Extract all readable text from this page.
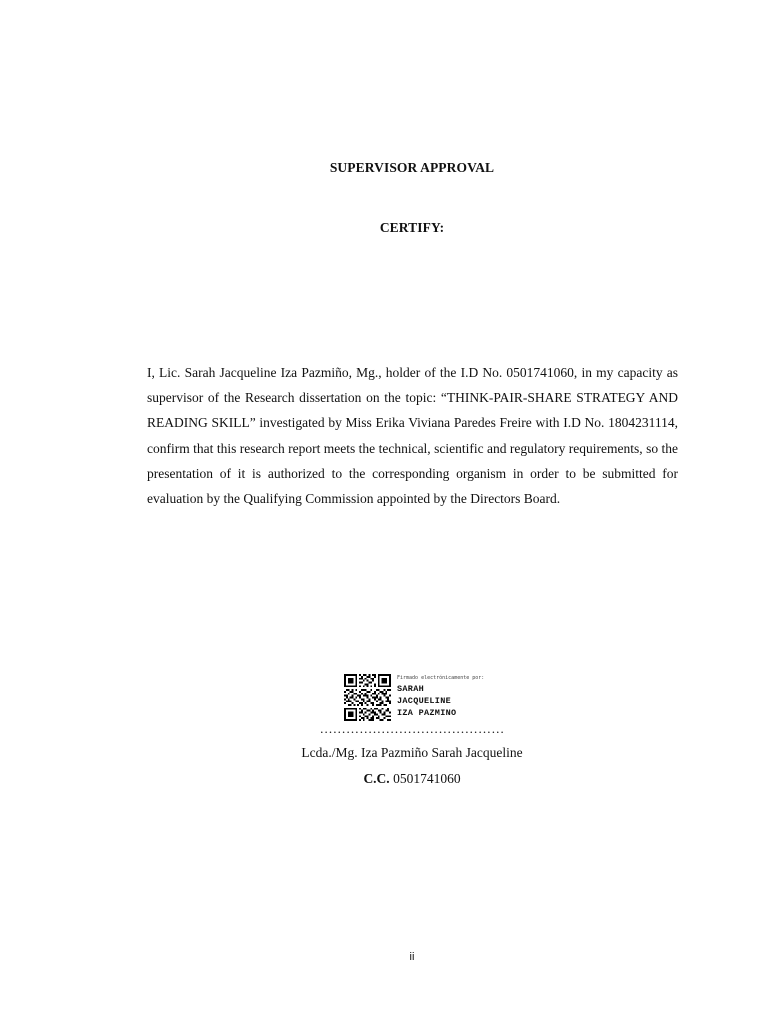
SUPERVISOR APPROVAL
CERTIFY:

I, Lic. Sarah Jacqueline Iza Pazmiño, Mg., holder of the I.D No. 0501741060, in my capacity as supervisor of the Research dissertation on the topic: “THINK-PAIR-SHARE STRATEGY AND READING SKILL” investigated by Miss Erika Viviana Paredes Freire with I.D No. 1804231114, confirm that this research report meets the technical, scientific and regulatory requirements, so the presentation of it is authorized to the corresponding organism in order to be submitted for evaluation by the Qualifying Commission appointed by the Directors Board.

Firmado electrónicamente por:
SARAH
JACQUELINE
IZA PAZMINO
……………………………………
Lcda./Mg. Iza Pazmiño Sarah Jacqueline
C.C. 0501741060
ii
